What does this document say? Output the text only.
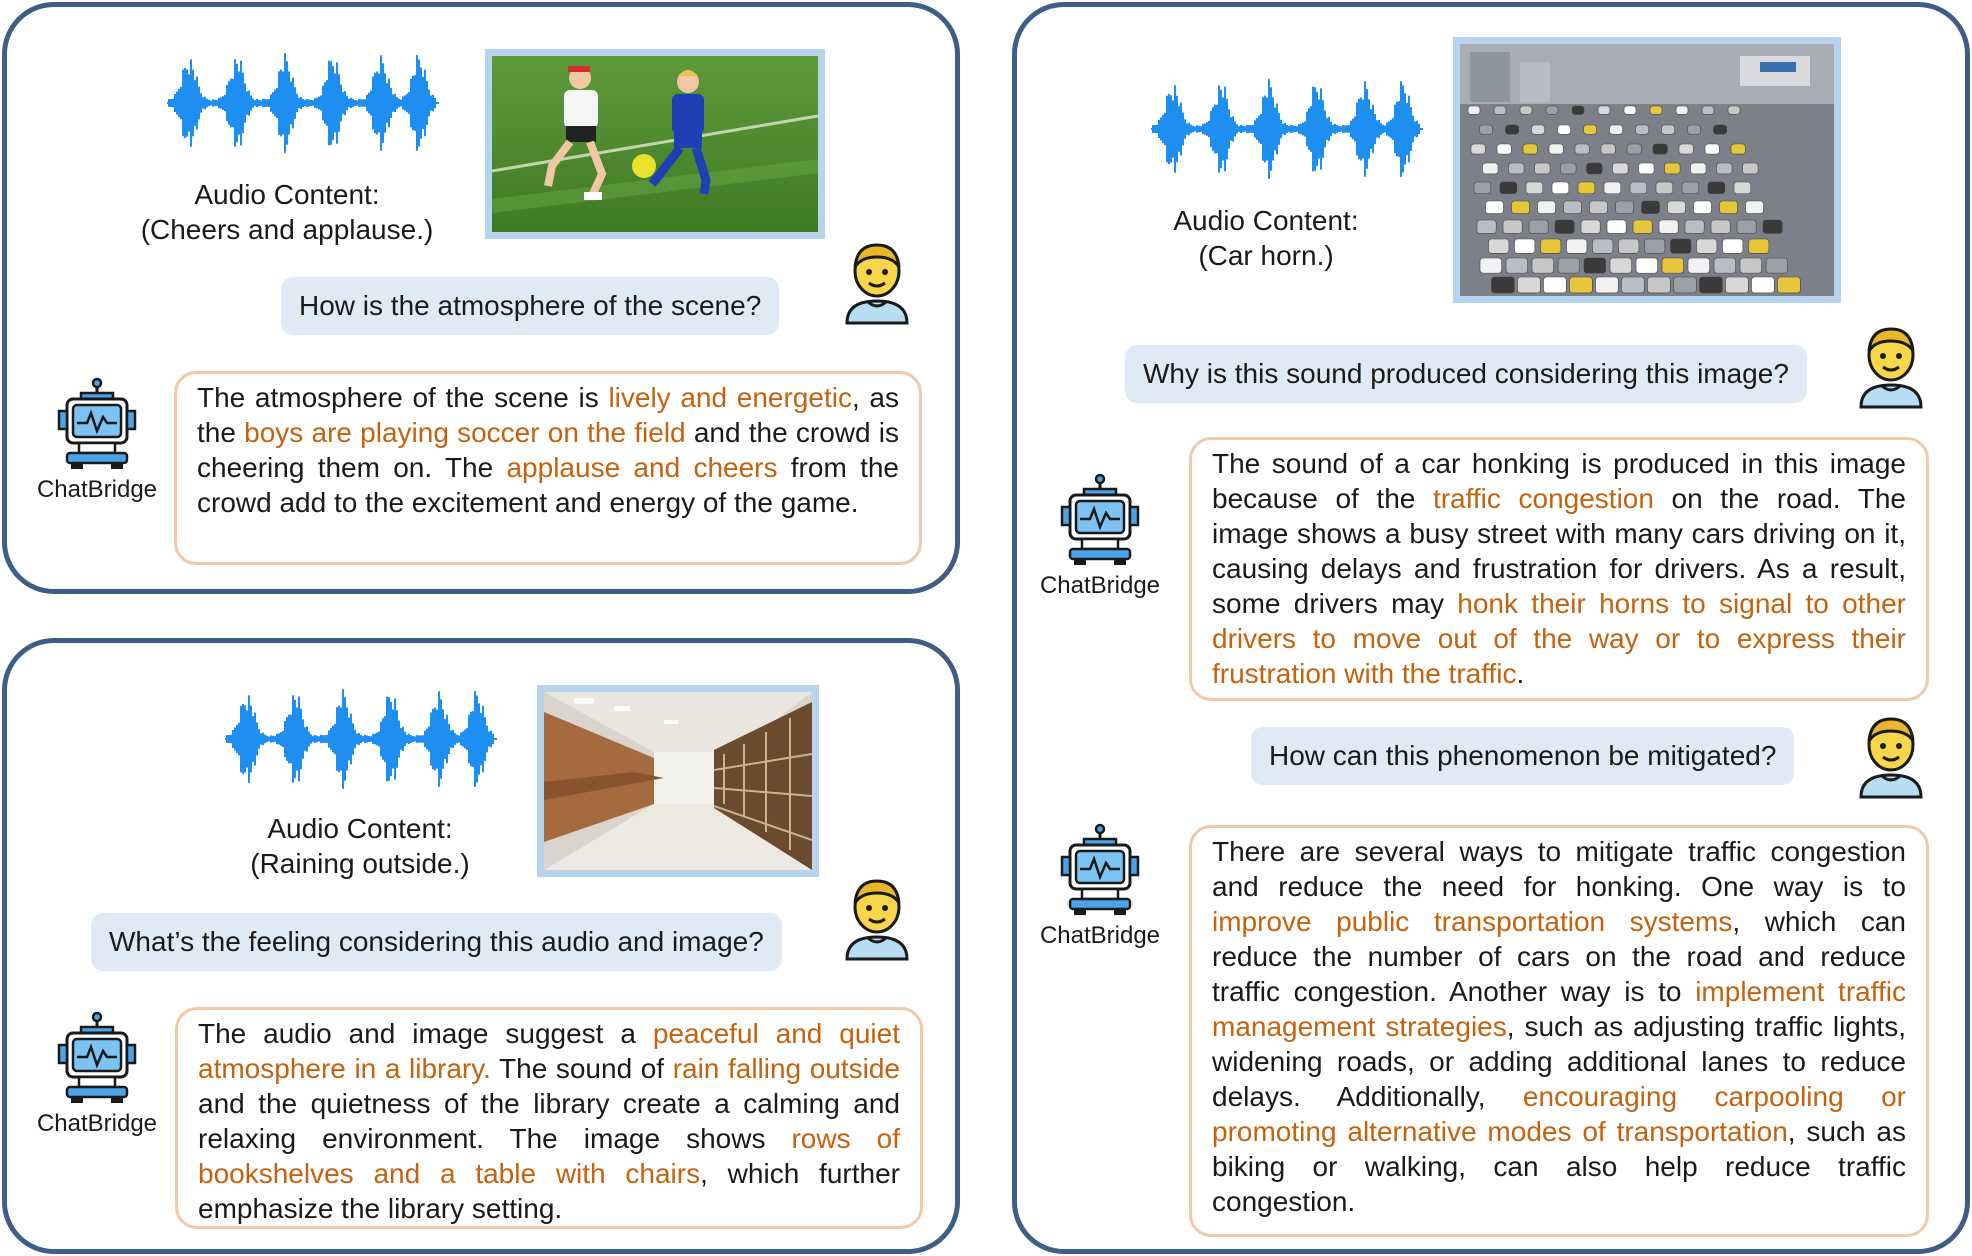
Audio Content:
(Cheers and applause.)
How is the atmosphere of the scene?
ChatBridge
The atmosphere of the scene is lively and energetic, as the boys are playing soccer on the field and the crowd is cheering them on. The applause and cheers from the crowd add to the excitement and energy of the game.
Audio Content:
(Raining outside.)
What’s the feeling considering this audio and image?
ChatBridge
The audio and image suggest a peaceful and quiet atmosphere in a library. The sound of rain falling outside and the quietness of the library create a calming and relaxing environment. The image shows rows of bookshelves and a table with chairs, which further emphasize the library setting.
Audio Content:
(Car horn.)
Why is this sound produced considering this image?
ChatBridge
The sound of a car honking is produced in this image because of the traffic congestion on the road. The image shows a busy street with many cars driving on it, causing delays and frustration for drivers. As a result, some drivers may honk their horns to signal to other drivers to move out of the way or to express their frustration with the traffic.
How can this phenomenon be mitigated?
ChatBridge
There are several ways to mitigate traffic congestion and reduce the need for honking. One way is to improve public transportation systems, which can reduce the number of cars on the road and reduce traffic congestion. Another way is to implement traffic management strategies, such as adjusting traffic lights, widening roads, or adding additional lanes to reduce delays. Additionally, encouraging carpooling or promoting alternative modes of transportation, such as biking or walking, can also help reduce traffic congestion.
